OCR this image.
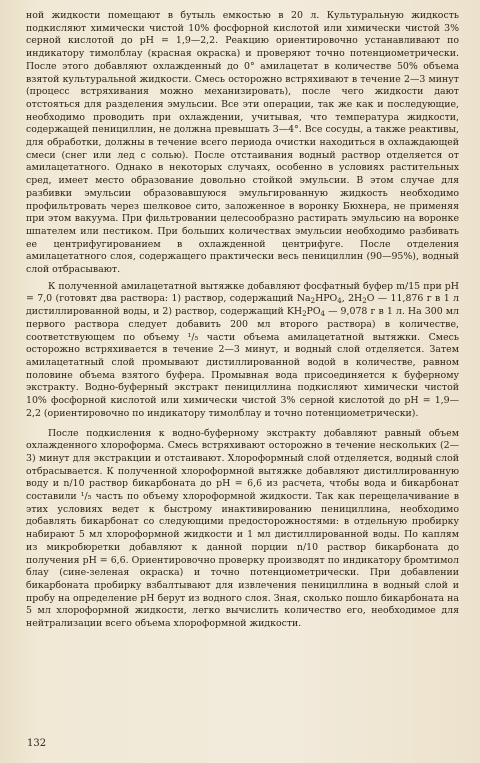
ной жидкости помещают в бутыль емкостью в 20 л. Культуральную жидкость подкисляют химически чистой 10% фосфорной кислотой или химически чистой 3% серной кислотой до pH = 1,9—2,2. Реакцию ориентировочно устанавливают по индикатору тимолблау (красная окраска) и проверяют точно потенциометрически. После этого добавляют охлажденный до 0° амилацетат в количестве 50% объема взятой культуральной жидкости. Смесь осторожно встряхивают в течение 2—3 минут (процесс встряхивания можно механизировать), после чего жидкости дают отстояться для разделения эмульсии. Все эти операции, так же как и последующие, необходимо проводить при охлаждении, учитывая, что температура жидкости, содержащей пенициллин, не должна превышать 3—4°. Все сосуды, а также реактивы, для обработки, должны в течение всего периода очистки находиться в охлаждающей смеси (снег или лед с солью). После отстаивания водный раствор отделяется от амилацетатного. Однако в некоторых случаях, особенно в условиях растительных сред, имеет место образование довольно стойкой эмульсии. В этом случае для разбивки эмульсии образовавшуюся эмульгированную жидкость необходимо профильтровать через шелковое сито, заложенное в воронку Бюхнера, не применяя при этом вакуума. При фильтровании целесообразно растирать эмульсию на воронке шпателем или пестиком. При больших количествах эмульсии необходимо разбивать ее центрифугированием в охлажденной центрифуге. После отделения амилацетатного слоя, содержащего практически весь пенициллин (90—95%), водный слой отбрасывают.

К полученной амилацетатной вытяжке добавляют фосфатный буфер m/15 при pH = 7,0 (готовят два раствора: 1) раствор, содержащий $Na_2HPO_4$, $2H_2O$ — 11,876 г в 1 л дистиллированной воды, и 2) раствор, содержащий $KH_2PO_4$ — 9,078 г в 1 л. На 300 мл первого раствора следует добавить 200 мл второго раствора) в количестве, соответствующем по объему ¹/₅ части объема амилацетатной вытяжки. Смесь осторожно встряхивается в течение 2—3 минут, и водный слой отделяется. Затем амилацетатный слой промывают дистиллированной водой в количестве, равном половине объема взятого буфера. Промывная вода присоединяется к буферному экстракту. Водно-буферный экстракт пенициллина подкисляют химически чистой 10% фосфорной кислотой или химически чистой 3% серной кислотой до pH = 1,9—2,2 (ориентировочно по индикатору тимолблау и точно потенциометрически).

После подкисления к водно-буферному экстракту добавляют равный объем охлажденного хлороформа. Смесь встряхивают осторожно в течение нескольких (2—3) минут для экстракции и отстаивают. Хлороформный слой отделяется, водный слой отбрасывается. К полученной хлороформной вытяжке добавляют дистиллированную воду и n/10 раствор бикарбоната до pH = 6,6 из расчета, чтобы вода и бикарбонат составили ¹/₅ часть по объему хлороформной жидкости. Так как перещелачивание в этих условиях ведет к быстрому инактивированию пенициллина, необходимо добавлять бикарбонат со следующими предосторожностями: в отдельную пробирку набирают 5 мл хлороформной жидкости и 1 мл дистиллированной воды. По каплям из микробюретки добавляют к данной порции n/10 раствор бикарбоната до получения pH = 6,6. Ориентировочно проверку производят по индикатору бромтимол блау (сине-зеленая окраска) и точно потенциометрически. При добавлении бикарбоната пробирку взбалтывают для извлечения пенициллина в водный слой и пробу на определение pH берут из водного слоя. Зная, сколько пошло бикарбоната на 5 мл хлороформной жидкости, легко вычислить количество его, необходимое для нейтрализации всего объема хлороформной жидкости.

132
